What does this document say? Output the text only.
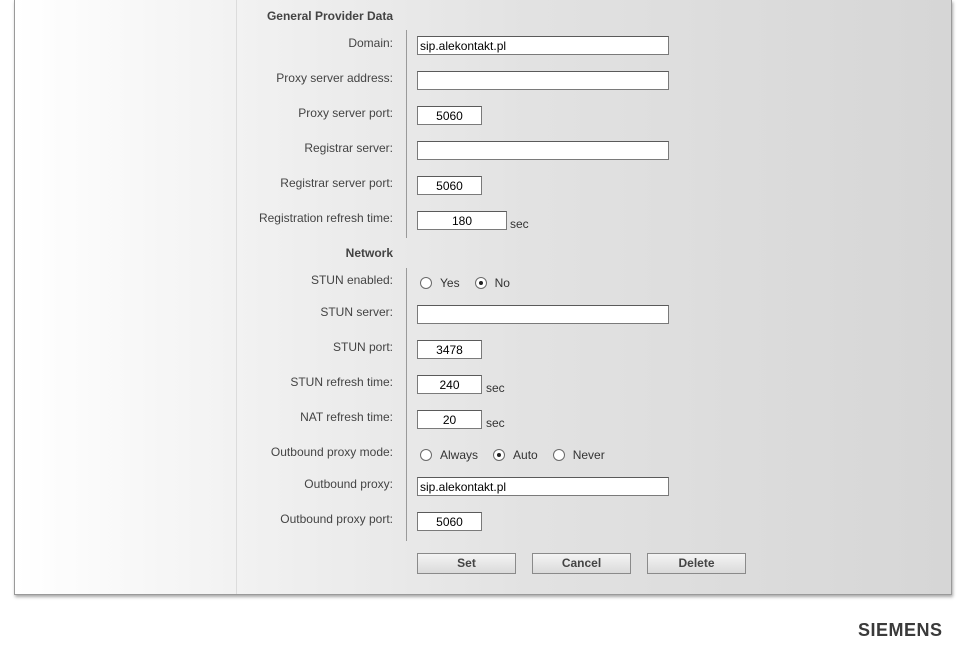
General Provider Data
Domain:
sip.alekontakt.pl
Proxy server address:
Proxy server port:
5060
Registrar server:
Registrar server port:
5060
Registration refresh time:
180	sec
Network
STUN enabled:	Yes	No
STUN server:
STUN port:
3478
STUN refresh time:
240	sec
NAT refresh time:
20	sec
Outbound proxy mode:	Always	Auto	Never
Outbound proxy:
sip.alekontakt.pl
Outbound proxy port:
5060
Set	Cancel	Delete
SIEMENS
